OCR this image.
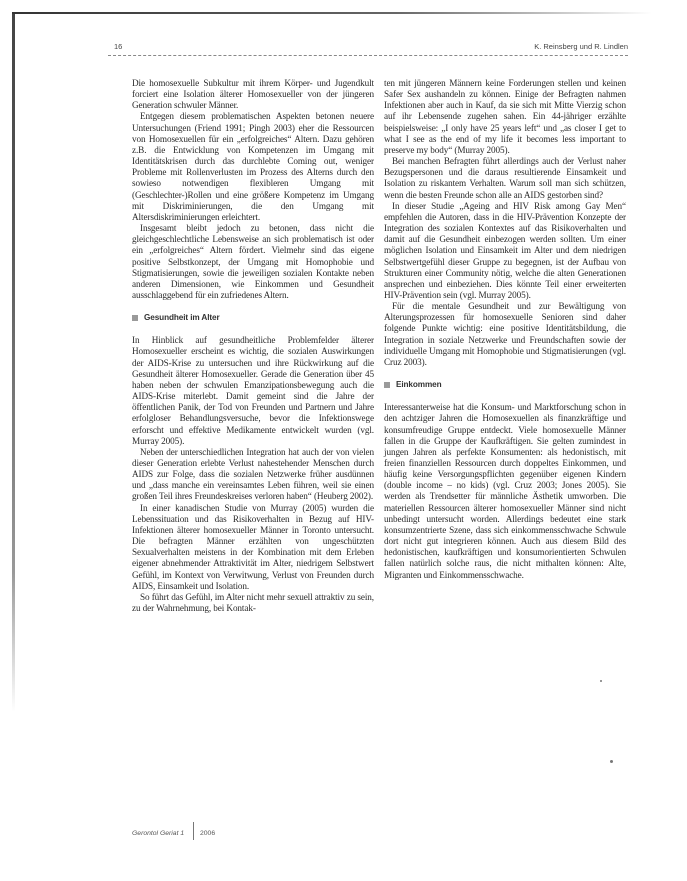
16	K. Reinsberg und R. Lindlen

Die homosexuelle Subkultur mit ihrem Körper- und Jugendkult forciert eine Isolation älterer Homosexueller von der jüngeren Generation schwuler Männer.

Entgegen diesem problematischen Aspekten betonen neuere Untersuchungen (Friend 1991; Pingh 2003) eher die Ressourcen von Homosexuellen für ein „erfolgreiches“ Altern. Dazu gehören z.B. die Entwicklung von Kompetenzen im Umgang mit Identitätskrisen durch das durchlebte Coming out, weniger Probleme mit Rollenverlusten im Prozess des Alterns durch den sowieso notwendigen flexibleren Umgang mit (Geschlechter-)Rollen und eine größere Kompetenz im Umgang mit Diskriminierungen, die den Umgang mit Altersdiskriminierungen erleichtert.

Insgesamt bleibt jedoch zu betonen, dass nicht die gleichgeschlechtliche Lebensweise an sich problematisch ist oder ein „erfolgreiches“ Altern fördert. Vielmehr sind das eigene positive Selbstkonzept, der Umgang mit Homophobie und Stigmatisierungen, sowie die jeweiligen sozialen Kontakte neben anderen Dimensionen, wie Einkommen und Gesundheit ausschlaggebend für ein zufriedenes Altern.

Gesundheit im Alter

In Hinblick auf gesundheitliche Problemfelder älterer Homosexueller erscheint es wichtig, die sozialen Auswirkungen der AIDS-Krise zu untersuchen und ihre Rückwirkung auf die Gesundheit älterer Homosexueller. Gerade die Generation über 45 haben neben der schwulen Emanzipationsbewegung auch die AIDS-Krise miterlebt. Damit gemeint sind die Jahre der öffentlichen Panik, der Tod von Freunden und Partnern und Jahre erfolgloser Behandlungsversuche, bevor die Infektionswege erforscht und effektive Medikamente entwickelt wurden (vgl. Murray 2005).

Neben der unterschiedlichen Integration hat auch der von vielen dieser Generation erlebte Verlust nahestehender Menschen durch AIDS zur Folge, dass die sozialen Netzwerke früher ausdünnen und „dass manche ein vereinsamtes Leben führen, weil sie einen großen Teil ihres Freundeskreises verloren haben“ (Heuberg 2002).

In einer kanadischen Studie von Murray (2005) wurden die Lebenssituation und das Risikoverhalten in Bezug auf HIV-Infektionen älterer homosexueller Männer in Toronto untersucht. Die befragten Männer erzählten von ungeschützten Sexualverhalten meistens in der Kombination mit dem Erleben eigener abnehmender Attraktivität im Alter, niedrigem Selbstwert Gefühl, im Kontext von Verwitwung, Verlust von Freunden durch AIDS, Einsamkeit und Isolation.

So führt das Gefühl, im Alter nicht mehr sexuell attraktiv zu sein, zu der Wahrnehmung, bei Kontak-

ten mit jüngeren Männern keine Forderungen stellen und keinen Safer Sex aushandeln zu können. Einige der Befragten nahmen Infektionen aber auch in Kauf, da sie sich mit Mitte Vierzig schon auf ihr Lebensende zugehen sahen. Ein 44-jähriger erzählte beispielsweise: „I only have 25 years left“ und „as closer I get to what I see as the end of my life it becomes less important to preserve my body“ (Murray 2005).

Bei manchen Befragten führt allerdings auch der Verlust naher Bezugspersonen und die daraus resultierende Einsamkeit und Isolation zu riskantem Verhalten. Warum soll man sich schützen, wenn die besten Freunde schon alle an AIDS gestorben sind?

In dieser Studie „Ageing and HIV Risk among Gay Men“ empfehlen die Autoren, dass in die HIV-Prävention Konzepte der Integration des sozialen Kontextes auf das Risikoverhalten und damit auf die Gesundheit einbezogen werden sollten. Um einer möglichen Isolation und Einsamkeit im Alter und dem niedrigen Selbstwertgefühl dieser Gruppe zu begegnen, ist der Aufbau von Strukturen einer Community nötig, welche die alten Generationen ansprechen und einbeziehen. Dies könnte Teil einer erweiterten HIV-Prävention sein (vgl. Murray 2005).

Für die mentale Gesundheit und zur Bewältigung von Alterungsprozessen für homosexuelle Senioren sind daher folgende Punkte wichtig: eine positive Identitätsbildung, die Integration in soziale Netzwerke und Freundschaften sowie der individuelle Umgang mit Homophobie und Stigmatisierungen (vgl. Cruz 2003).

Einkommen

Interessanterweise hat die Konsum- und Marktforschung schon in den achtziger Jahren die Homosexuellen als finanzkräftige und konsumfreudige Gruppe entdeckt. Viele homosexuelle Männer fallen in die Gruppe der Kaufkräftigen. Sie gelten zumindest in jungen Jahren als perfekte Konsumenten: als hedonistisch, mit freien finanziellen Ressourcen durch doppeltes Einkommen, und häufig keine Versorgungspflichten gegenüber eigenen Kindern (double income – no kids) (vgl. Cruz 2003; Jones 2005). Sie werden als Trendsetter für männliche Ästhetik umworben. Die materiellen Ressourcen älterer homosexueller Männer sind nicht unbedingt untersucht worden. Allerdings bedeutet eine stark konsumzentrierte Szene, dass sich einkommensschwache Schwule dort nicht gut integrieren können. Auch aus diesem Bild des hedonistischen, kaufkräftigen und konsumorientierten Schwulen fallen natürlich solche raus, die nicht mithalten können: Alte, Migranten und Einkommensschwache.

Gerontol Geriat 1 2006
